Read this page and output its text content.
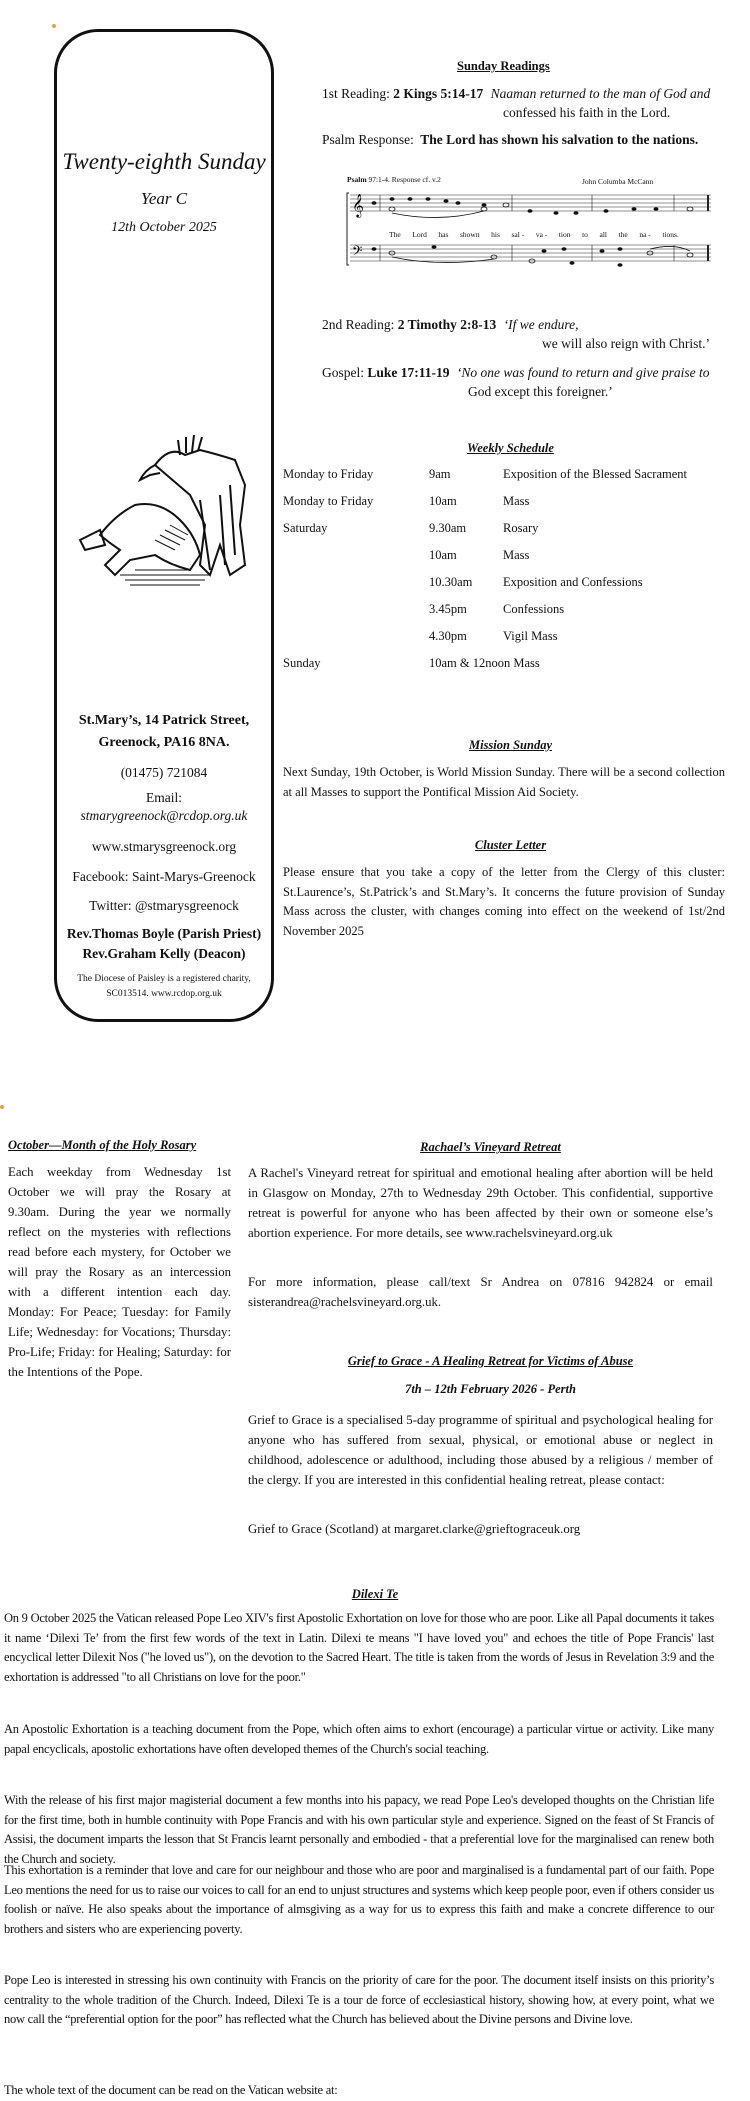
Twenty-eighth Sunday
Year C
12th October 2025
St.Mary’s, 14 Patrick Street,
Greenock, PA16 8NA.
(01475) 721084
Email:
stmarygreenock@rcdop.org.uk
www.stmarysgreenock.org
Facebook: Saint-Marys-Greenock
Twitter: @stmarysgreenock
Rev.Thomas Boyle (Parish Priest)
Rev.Graham Kelly (Deacon)
The Diocese of Paisley is a registered charity,
SC013514. www.rcdop.org.uk
Sunday Readings
1st Reading: 2 Kings 5:14-17 Naaman returned to the man of God and
confessed his faith in the Lord.
Psalm Response: The Lord has shown his salvation to the nations.
Psalm 97:1-4. Response cf. v.2	John Columba McCann
𝄞
𝄢
The Lord has shown his sal - va - tion to all the na - tions.
2nd Reading: 2 Timothy 2:8-13 ‘If we endure,
we will also reign with Christ.’
Gospel: Luke 17:11-19 ‘No one was found to return and give praise to
God except this foreigner.’
Weekly Schedule
Monday to Friday	9am	Exposition of the Blessed Sacrament
Monday to Friday	10am	Mass
Saturday	9.30am	Rosary
10am	Mass
10.30am	Exposition and Confessions
3.45pm	Confessions
4.30pm	Vigil Mass
Sunday	10am & 12noon Mass
Mission Sunday
Next Sunday, 19th October, is World Mission Sunday. There will be a second collection at all Masses to support the Pontifical Mission Aid Society.
Cluster Letter
Please ensure that you take a copy of the letter from the Clergy of this cluster: St.Laurence’s, St.Patrick’s and St.Mary’s. It concerns the future provision of Sunday Mass across the cluster, with changes coming into effect on the weekend of 1st/2nd November 2025
October—Month of the Holy Rosary
Each weekday from Wednesday 1st October we will pray the Rosary at 9.30am. During the year we normally reflect on the mysteries with reflections read before each mystery, for October we will pray the Rosary as an intercession with a different intention each day. Monday: For Peace; Tuesday: for Family Life; Wednesday: for Vocations; Thursday: Pro-Life; Friday: for Healing; Saturday: for the Intentions of the Pope.
Rachael’s Vineyard Retreat
A Rachel's Vineyard retreat for spiritual and emotional healing after abortion will be held in Glasgow on Monday, 27th to Wednesday 29th October. This confidential, supportive retreat is powerful for anyone who has been affected by their own or someone else’s abortion experience. For more details, see www.rachelsvineyard.org.uk
For more information, please call/text Sr Andrea on 07816 942824 or email sisterandrea@rachelsvineyard.org.uk.
Grief to Grace - A Healing Retreat for Victims of Abuse
7th – 12th February 2026 - Perth
Grief to Grace is a specialised 5-day programme of spiritual and psychological healing for anyone who has suffered from sexual, physical, or emotional abuse or neglect in childhood, adolescence or adulthood, including those abused by a religious / member of the clergy. If you are interested in this confidential healing retreat, please contact:
Grief to Grace (Scotland) at margaret.clarke@grieftograceuk.org
Dilexi Te
On 9 October 2025 the Vatican released Pope Leo XIV's first Apostolic Exhortation on love for those who are poor. Like all Papal documents it takes it name ‘Dilexi Te’ from the first few words of the text in Latin. Dilexi te means "I have loved you" and echoes the title of Pope Francis' last encyclical letter Dilexit Nos ("he loved us"), on the devotion to the Sacred Heart. The title is taken from the words of Jesus in Revelation 3:9 and the exhortation is addressed "to all Christians on love for the poor."
An Apostolic Exhortation is a teaching document from the Pope, which often aims to exhort (encourage) a particular virtue or activity. Like many papal encyclicals, apostolic exhortations have often developed themes of the Church's social teaching.
With the release of his first major magisterial document a few months into his papacy, we read Pope Leo's developed thoughts on the Christian life for the first time, both in humble continuity with Pope Francis and with his own particular style and experience. Signed on the feast of St Francis of Assisi, the document imparts the lesson that St Francis learnt personally and embodied - that a preferential love for the marginalised can renew both the Church and society.
This exhortation is a reminder that love and care for our neighbour and those who are poor and marginalised is a fundamental part of our faith. Pope Leo mentions the need for us to raise our voices to call for an end to unjust structures and systems which keep people poor, even if others consider us foolish or naïve. He also speaks about the importance of almsgiving as a way for us to express this faith and make a concrete difference to our brothers and sisters who are experiencing poverty.
Pope Leo is interested in stressing his own continuity with Francis on the priority of care for the poor. The document itself insists on this priority’s centrality to the whole tradition of the Church. Indeed, Dilexi Te is a tour de force of ecclesiastical history, showing how, at every point, what we now call the “preferential option for the poor” has reflected what the Church has believed about the Divine persons and Divine love.
The whole text of the document can be read on the Vatican website at:
